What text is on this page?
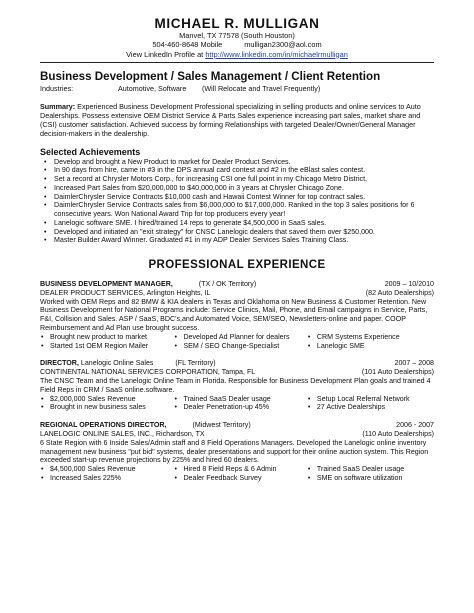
MICHAEL R. MULLIGAN
Manvel, TX 77578 (South Houston)
504-460-8648 Mobile	mulligan2300@aol.com
View LinkedIn Profile at http://www.linkedin.com/in/michaelrmulligan
Business Development / Sales Management / Client Retention
Industries:	Automotive, Software	(Will Relocate and Travel Frequently)
Summary: Experienced Business Development Professional specializing in selling products and online services to Auto Dealerships. Possess extensive OEM District Service & Parts Sales experience increasing part sales, market share and (CSI) customer satisfaction. Achieved success by forming Relationships with targeted Dealer/Owner/General Manager decision-makers in the dealership.
Selected Achievements
• Develop and brought a New Product to market for Dealer Product Services.
• In 90 days from hire, came in #3 in the DPS annual card contest and #2 in the eBlast sales contest.
• Set a record at Chrysler Motors Corp., for increasing CSI one full point in my Chicago Metro District.
• Increased Part Sales from $20,000,000 to $40,000,000 in 3 years at Chrysler Chicago Zone.
• DaimlerChrysler Service Contracts $10,000 cash and Hawaii Contest Winner for top contract sales.
• DaimlerChrysler Service Contracts sales from $6,000,000 to $17,000,000. Ranked in the top 3 sales positions for 6 consecutive years. Won National Award Trip for top producers every year!
• Lanelogic software SME. I hired/trained 14 reps to generate $4,500,000 in SaaS sales.
• Developed and initiated an "exit strategy" for CNSC Lanelogic dealers that saved them over $250,000.
• Master Builder Award Winner. Graduated #1 in my ADP Dealer Services Sales Training Class.
PROFESSIONAL EXPERIENCE
BUSINESS DEVELOPMENT MANAGER,	(TX / OK Territory)	2009 – 10/2010
DEALER PRODUCT SERVICES, Arlington Heights, IL	(82 Auto Dealerships)
Worked with OEM Reps and 82 BMW & KIA dealers in Texas and Oklahoma on New Business & Customer Retention. New Business Development for National Programs include: Service Clinics, Mail, Phone, and Email campaigns in Service, Parts, F&I, Collision and Sales. ASP / SaaS, BDC's,and Automated Voice, SEM/SEO, Newsletters-online and paper. COOP Reimbursement and Ad Plan use brought success.
• Brought new product to market	• Developed Ad Planner for dealers	• CRM Systems Experience
• Started 1st OEM Region Mailer	• SEM / SEO Change-Specialist	• Lanelogic SME
DIRECTOR, Lanelogic Online Sales	(FL Territory)	2007 – 2008
CONTINENTAL NATIONAL SERVICES CORPORATION, Tampa, FL	(101 Auto Dealerships)
The CNSC Team and the Lanelogic Online Team in Florida. Responsible for Business Development Plan goals and trained 4 Field Reps in CRM / SaaS online.software.
• $2,000,000 Sales Revenue	• Trained SaaS Dealer usage	• Setup Local Referral Network
• Brought in new business sales	• Dealer Penetration-up 45%	• 27 Active Dealerships
REGIONAL OPERATIONS DIRECTOR,	(Midwest Territory)	2006 - 2007
LANELOGIC ONLINE SALES, INC., Richardson, TX	(110 Auto Dealerships)
6 State Region with 6 Inside Sales/Admin staff and 8 Field Operations Managers. Developed the Lanelogic online inventory management new business "put bid" systems, dealer presentations and support for their online auction system. This Region exceeded start-up revenue projections by 225% and hired 60 dealers.
• $4,500,000 Sales Revenue	• Hired 8 Field Reps & 6 Admin	• Trained SaaS Dealer usage
• Increased Sales 225%	• Dealer Feedback Survey	• SME on software utilization
